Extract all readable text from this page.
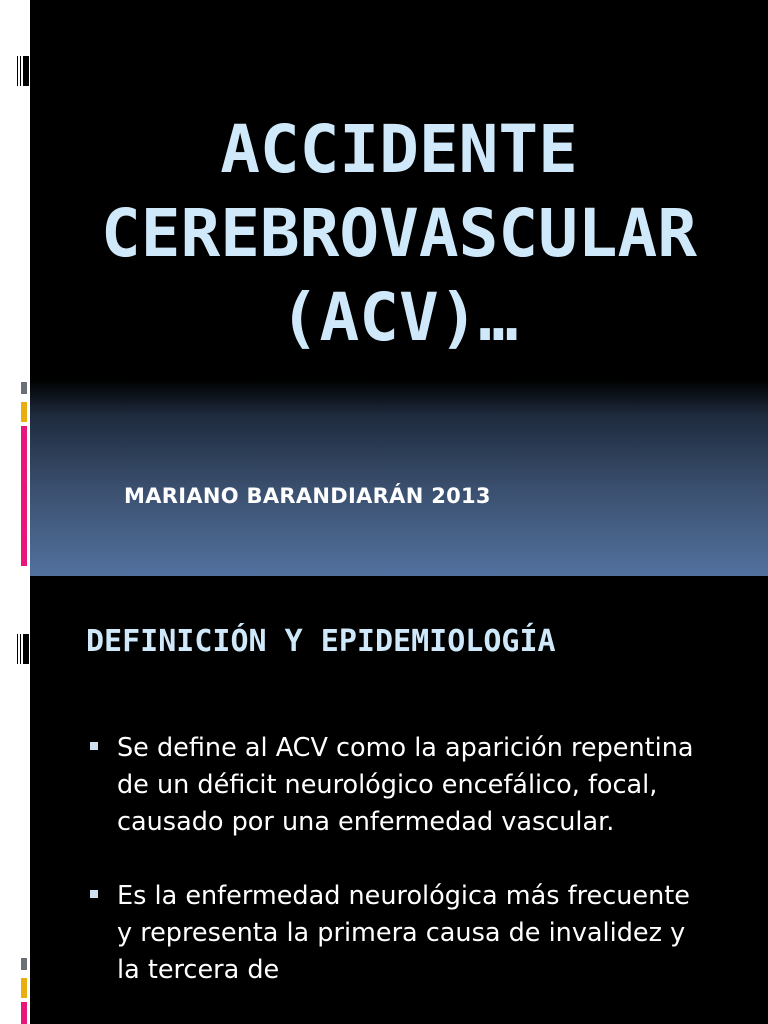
ACCIDENTE
CEREBROVASCULAR
(ACV)…
MARIANO BARANDIARÁN 2013
DEFINICIÓN Y EPIDEMIOLOGÍA
Se define al ACV como la aparición repentina de un déficit neurológico encefálico, focal, causado por una enfermedad vascular.
Es la enfermedad neurológica más frecuente y representa la primera causa de invalidez y la tercera de
